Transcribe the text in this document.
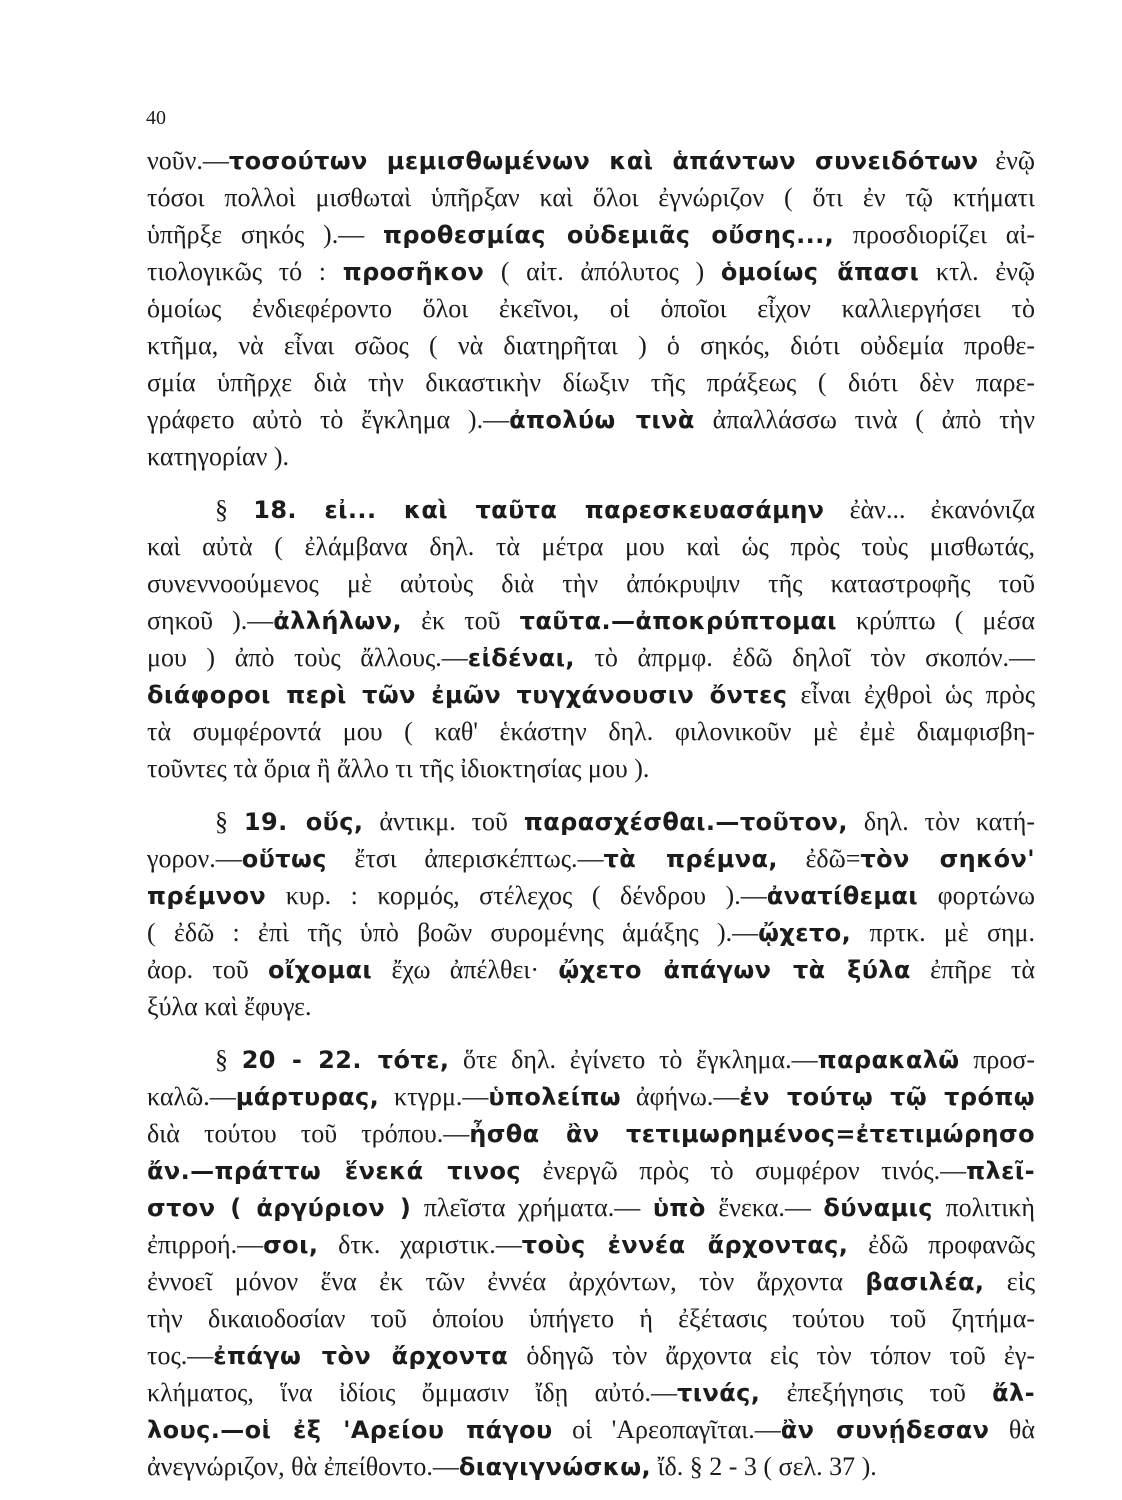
40
νοῦν.—τοσούτων μεμισθωμένων καὶ ἁπάντων συνειδότων ἐνῷ
τόσοι πολλοὶ μισθωταὶ ὑπῆρξαν καὶ ὅλοι ἐγνώριζον ( ὅτι ἐν τῷ κτήματι
ὑπῆρξε σηκός ).— προθεσμίας οὐδεμιᾶς οὔσης..., προσδιορίζει αἰ-
τιολογικῶς τό : προσῆκον ( αἰτ. ἀπόλυτος ) ὁμοίως ἅπασι κτλ. ἐνῷ
ὁμοίως ἐνδιεφέροντο ὅλοι ἐκεῖνοι, οἱ ὁποῖοι εἶχον καλλιεργήσει τὸ
κτῆμα, νὰ εἶναι σῶος ( νὰ διατηρῆται ) ὁ σηκός, διότι οὐδεμία προθε-
σμία ὑπῆρχε διὰ τὴν δικαστικὴν δίωξιν τῆς πράξεως ( διότι δὲν παρε-
γράφετο αὐτὸ τὸ ἔγκλημα ).—ἀπολύω τινὰ ἀπαλλάσσω τινὰ ( ἀπὸ τὴν
κατηγορίαν ).
§ 18. εἰ... καὶ ταῦτα παρεσκευασάμην ἐὰν... ἐκανόνιζα
καὶ αὐτὰ ( ἐλάμβανα δηλ. τὰ μέτρα μου καὶ ὡς πρὸς τοὺς μισθωτάς,
συνεννοούμενος μὲ αὐτοὺς διὰ τὴν ἀπόκρυψιν τῆς καταστροφῆς τοῦ
σηκοῦ ).—ἀλλήλων, ἐκ τοῦ ταῦτα.—ἀποκρύπτομαι κρύπτω ( μέσα
μου ) ἀπὸ τοὺς ἄλλους.—εἰδέναι, τὸ ἀπρμφ. ἐδῶ δηλοῖ τὸν σκοπόν.—
διάφοροι περὶ τῶν ἐμῶν τυγχάνουσιν ὄντες εἶναι ἐχθροὶ ὡς πρὸς
τὰ συμφέροντά μου ( καθ' ἑκάστην δηλ. φιλονικοῦν μὲ ἐμὲ διαμφισβη-
τοῦντες τὰ ὅρια ἢ ἄλλο τι τῆς ἰδιοκτησίας μου ).
§ 19. οὕς, ἀντικμ. τοῦ παρασχέσθαι.—τοῦτον, δηλ. τὸν κατή-
γορον.—οὕτως ἔτσι ἀπερισκέπτως.—τὰ πρέμνα, ἐδῶ=τὸν σηκόν'
πρέμνον κυρ. : κορμός, στέλεχος ( δένδρου ).—ἀνατίθεμαι φορτώνω
( ἐδῶ : ἐπὶ τῆς ὑπὸ βοῶν συρομένης ἁμάξης ).—ᾤχετο, πρτκ. μὲ σημ.
ἀορ. τοῦ οἴχομαι ἔχω ἀπέλθει· ᾤχετο ἀπάγων τὰ ξύλα ἐπῆρε τὰ
ξύλα καὶ ἔφυγε.
§ 20 - 22. τότε, ὅτε δηλ. ἐγίνετο τὸ ἔγκλημα.—παρακαλῶ προσ-
καλῶ.—μάρτυρας, κτγρμ.—ὑπολείπω ἀφήνω.—ἐν τούτῳ τῷ τρόπῳ
διὰ τούτου τοῦ τρόπου.—ἦσθα ἂν τετιμωρημένος=ἐτετιμώρησο
ἄν.—πράττω ἕνεκά τινος ἐνεργῶ πρὸς τὸ συμφέρον τινός.—πλεῖ-
στον ( ἀργύριον ) πλεῖστα χρήματα.— ὑπὸ ἕνεκα.— δύναμις πολιτικὴ
ἐπιρροή.—σοι, δτκ. χαριστικ.—τοὺς ἐννέα ἄρχοντας, ἐδῶ προφανῶς
ἐννοεῖ μόνον ἕνα ἐκ τῶν ἐννέα ἀρχόντων, τὸν ἄρχοντα βασιλέα, εἰς
τὴν δικαιοδοσίαν τοῦ ὁποίου ὑπήγετο ἡ ἐξέτασις τούτου τοῦ ζητήμα-
τος.—ἐπάγω τὸν ἄρχοντα ὁδηγῶ τὸν ἄρχοντα εἰς τὸν τόπον τοῦ ἐγ-
κλήματος, ἵνα ἰδίοις ὄμμασιν ἴδῃ αὐτό.—τινάς, ἐπεξήγησις τοῦ ἄλ-
λους.—οἱ ἐξ 'Αρείου πάγου οἱ 'Αρεοπαγῖται.—ἂν συνῄδεσαν θὰ
ἀνεγνώριζον, θὰ ἐπείθοντο.—διαγιγνώσκω, ἴδ. § 2 - 3 ( σελ. 37 ).
